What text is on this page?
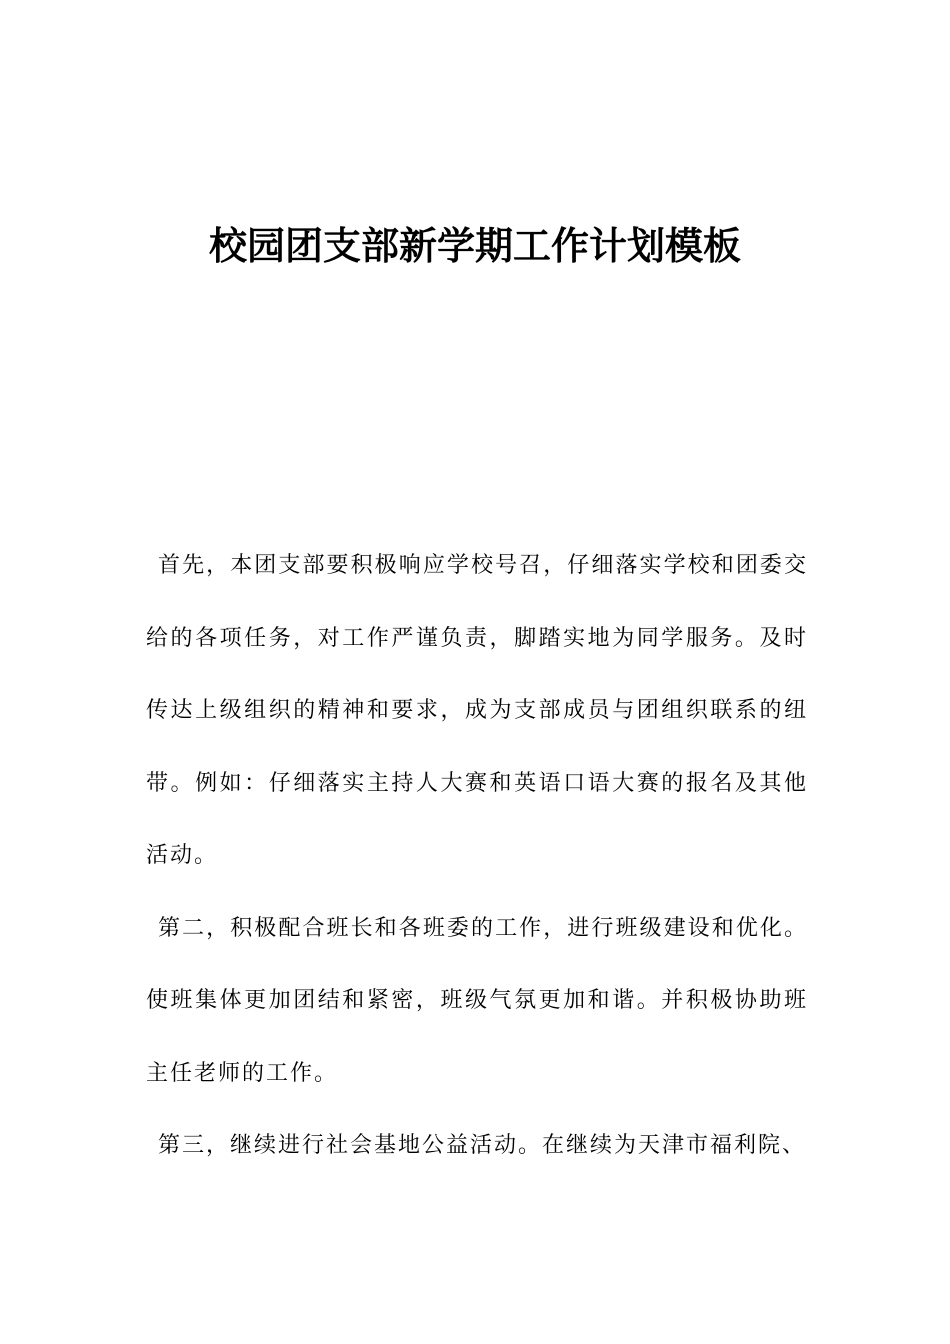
校园团支部新学期工作计划模板

首先，本团支部要积极响应学校号召，仔细落实学校和团委交给的各项任务，对工作严谨负责，脚踏实地为同学服务。及时传达上级组织的精神和要求，成为支部成员与团组织联系的纽带。例如：仔细落实主持人大赛和英语口语大赛的报名及其他活动。

第二，积极配合班长和各班委的工作，进行班级建设和优化。使班集体更加团结和紧密，班级气氛更加和谐。并积极协助班主任老师的工作。

第三，继续进行社会基地公益活动。在继续为天津市福利院、
